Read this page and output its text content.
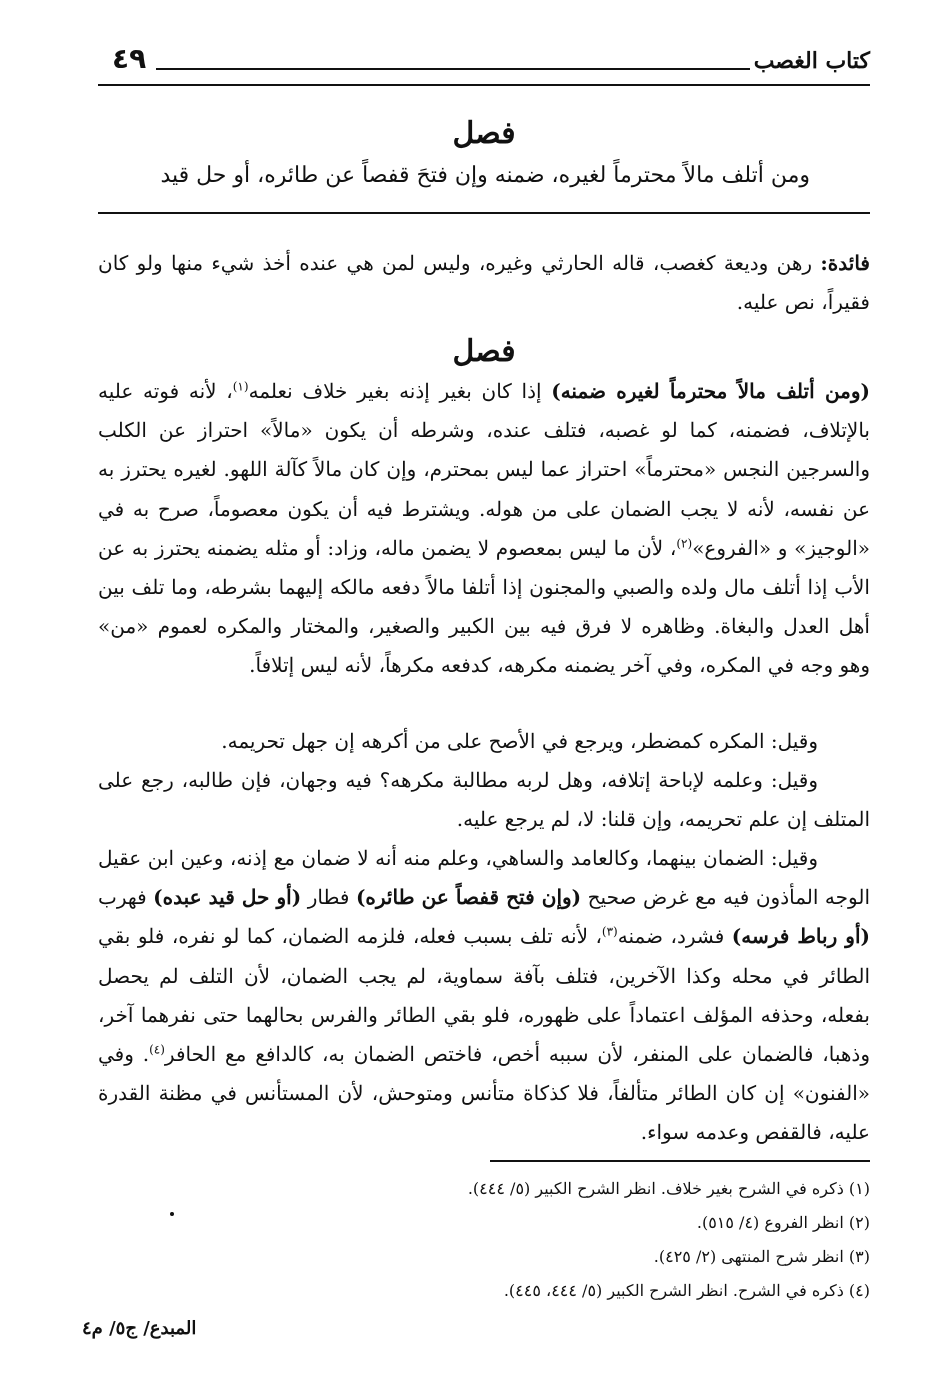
كتاب الغصب
٤٩
فصل
ومن أتلف مالاً محترماً لغيره، ضمنه وإن فتحَ قفصاً عن طائره، أو حل قيد
فائدة: رهن وديعة كغصب، قاله الحارثي وغيره، وليس لمن هي عنده أخذ شيء منها ولو كان فقيراً، نص عليه.
فصل
(ومن أتلف مالاً محترماً لغيره ضمنه) إذا كان بغير إذنه بغير خلاف نعلمه$^{(١)}$، لأنه فوته عليه بالإتلاف، فضمنه، كما لو غصبه، فتلف عنده، وشرطه أن يكون «مالاً» احتراز عن الكلب والسرجين النجس «محترماً» احتراز عما ليس بمحترم، وإن كان مالاً كآلة اللهو. لغيره يحترز به عن نفسه، لأنه لا يجب الضمان على من هوله. ويشترط فيه أن يكون معصوماً، صرح به في «الوجيز» و «الفروع»$^{(٢)}$، لأن ما ليس بمعصوم لا يضمن ماله، وزاد: أو مثله يضمنه يحترز به عن الأب إذا أتلف مال ولده والصبي والمجنون إذا أتلفا مالاً دفعه مالكه إليهما بشرطه، وما تلف بين أهل العدل والبغاة. وظاهره لا فرق فيه بين الكبير والصغير، والمختار والمكره لعموم «من» وهو وجه في المكره، وفي آخر يضمنه مكرهه، كدفعه مكرهاً، لأنه ليس إتلافاً.
وقيل: المكره كمضطر، ويرجع في الأصح على من أكرهه إن جهل تحريمه.
وقيل: وعلمه لإباحة إتلافه، وهل لربه مطالبة مكرهه؟ فيه وجهان، فإن طالبه، رجع على المتلف إن علم تحريمه، وإن قلنا: لا، لم يرجع عليه.
وقيل: الضمان بينهما، وكالعامد والساهي، وعلم منه أنه لا ضمان مع إذنه، وعين ابن عقيل الوجه المأذون فيه مع غرض صحيح (وإن فتح قفصاً عن طائره) فطار (أو حل قيد عبده) فهرب (أو رباط فرسه) فشرد، ضمنه$^{(٣)}$، لأنه تلف بسبب فعله، فلزمه الضمان، كما لو نفره، فلو بقي الطائر في محله وكذا الآخرين، فتلف بآفة سماوية، لم يجب الضمان، لأن التلف لم يحصل بفعله، وحذفه المؤلف اعتماداً على ظهوره، فلو بقي الطائر والفرس بحالهما حتى نفرهما آخر، وذهبا، فالضمان على المنفر، لأن سببه أخص، فاختص الضمان به، كالدافع مع الحافر$^{(٤)}$. وفي «الفنون» إن كان الطائر متألفاً، فلا كذكاة متأنس ومتوحش، لأن المستأنس في مظنة القدرة عليه، فالقفص وعدمه سواء.
(١) ذكره في الشرح بغير خلاف. انظر الشرح الكبير (٥/ ٤٤٤).
(٢) انظر الفروع (٤/ ٥١٥).
(٣) انظر شرح المنتهى (٢/ ٤٢٥).
(٤) ذكره في الشرح. انظر الشرح الكبير (٥/ ٤٤٤، ٤٤٥).
المبدع/ ج٥/ م٤
